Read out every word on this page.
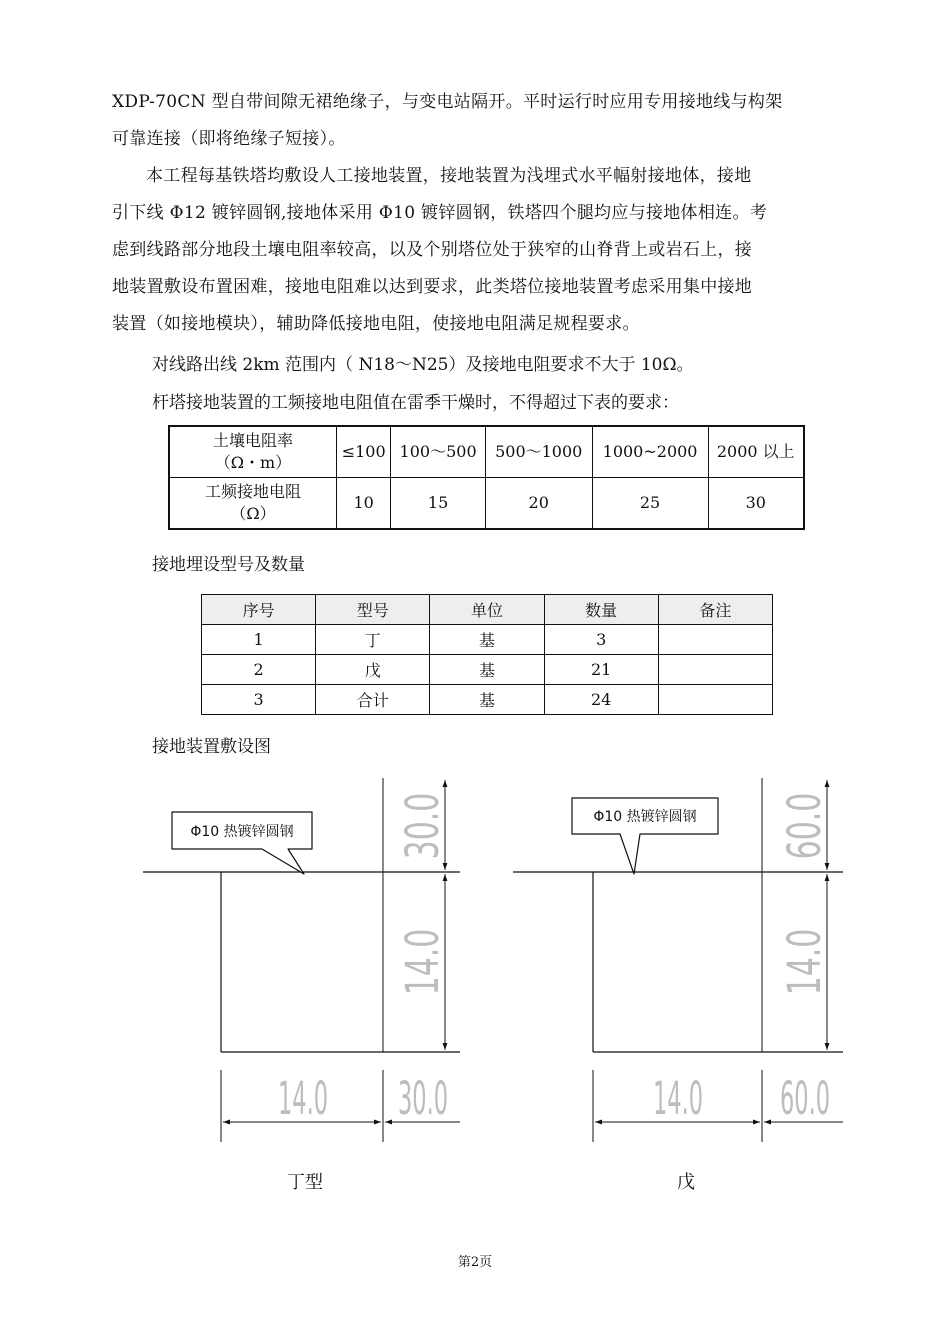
XDP-70CN 型自带间隙无裙绝缘子，与变电站隔开。平时运行时应用专用接地线与构架
可靠连接（即将绝缘子短接）。
本工程每基铁塔均敷设人工接地装置，接地装置为浅埋式水平幅射接地体，接地
引下线 Φ12 镀锌圆钢,接地体采用 Φ10 镀锌圆钢，铁塔四个腿均应与接地体相连。考
虑到线路部分地段土壤电阻率较高，以及个别塔位处于狭窄的山脊背上或岩石上，接
地装置敷设布置困难，接地电阻难以达到要求，此类塔位接地装置考虑采用集中接地
装置（如接地模块），辅助降低接地电阻，使接地电阻满足规程要求。
对线路出线 2km 范围内（ N18～N25）及接地电阻要求不大于 10Ω。
杆塔接地装置的工频接地电阻值在雷季干燥时，不得超过下表的要求：
土壤电阻率
（Ω・m）	≤100	100～500	500～1000	1000~2000	2000 以上

工频接地电阻
（Ω）	10	15	20	25	30
接地埋设型号及数量
序号	型号	单位	数量	备注
1	丁	基	3	
2	戊	基	21	
3	合计	基	24	
接地装置敷设图
30.0
14.0
14.0 30.0
Φ10 热镀锌圆钢	60.0
14.0
14.0	60.0
Φ10 热镀锌圆钢
丁型	戊
第2页
